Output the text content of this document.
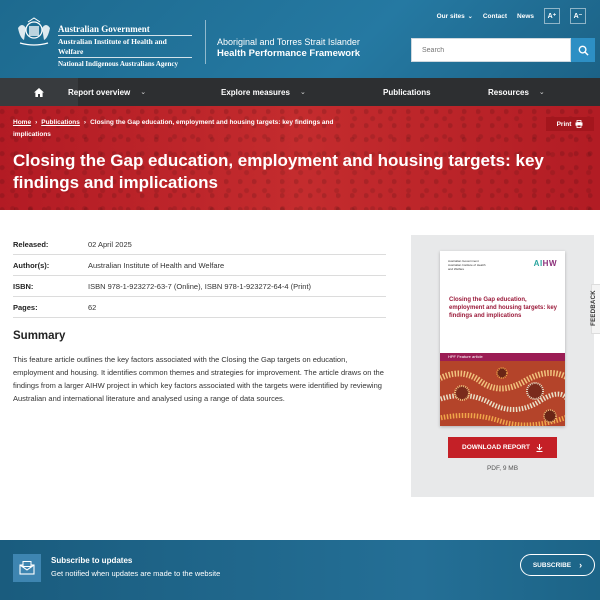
Australian Government
Australian Institute of Health and Welfare
National Indigenous Australians Agency
Aboriginal and Torres Strait Islander
Health Performance Framework
Our sites ⌄ Contact News	A⁺	A⁻
Search
Report overview ⌄	Explore measures ⌄	Publications	Resources ⌄
Home › Publications › Closing the Gap education, employment and housing targets: key findings and implications
Print
Closing the Gap education, employment and housing targets: key findings and implications
Released:	02 April 2025
Author(s):	Australian Institute of Health and Welfare
ISBN:	ISBN 978-1-923272-63-7 (Online), ISBN 978-1-923272-64-4 (Print)
Pages:	62
Summary

This feature article outlines the key factors associated with the Closing the Gap targets on education, employment and housing. It identifies common themes and strategies for improvement. The article draws on the findings from a larger AIHW project in which key factors associated with the targets were identified by reviewing Australian and international literature and analysed using a range of data sources.

Australian Government Australian Institute of Health and Welfare
AIHW
Closing the Gap education, employment and housing targets: key findings and implications
HPF Feature article
DOWNLOAD REPORT
PDF, 9 MB
FEEDBACK
Subscribe to updates
Get notified when updates are made to the website
SUBSCRIBE ›
